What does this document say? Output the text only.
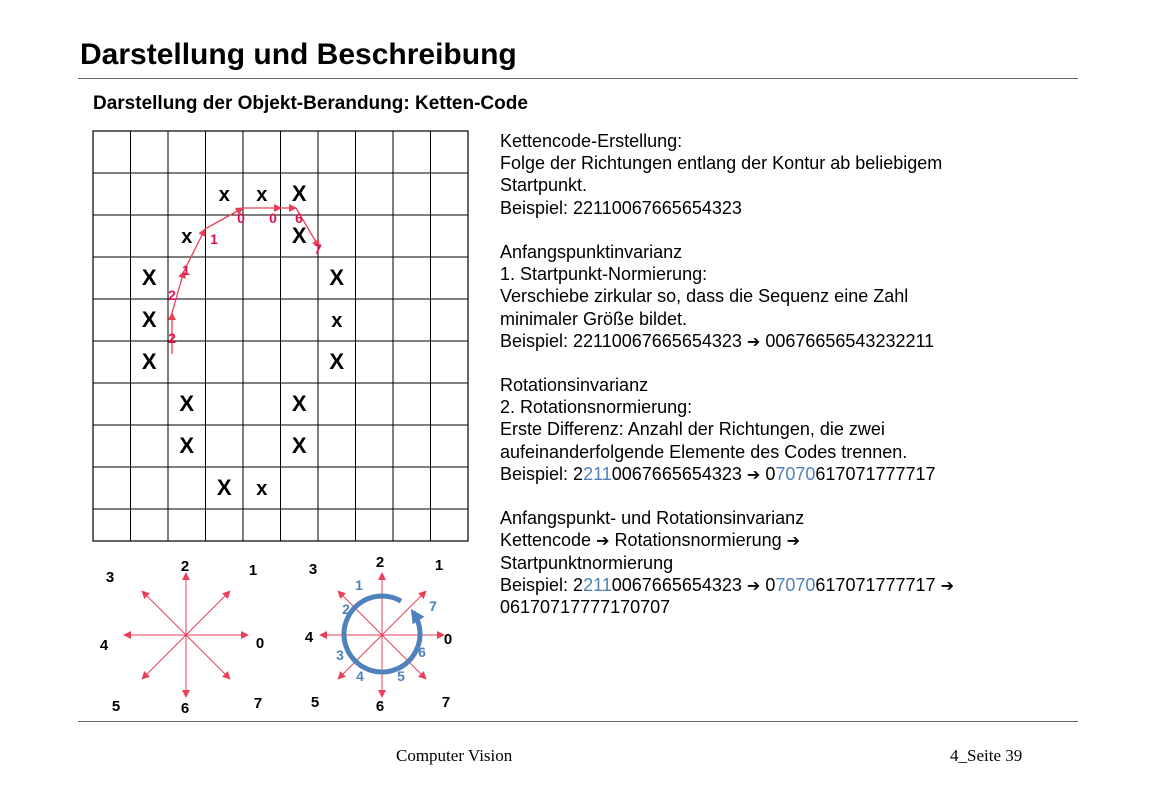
Darstellung und Beschreibung
Darstellung der Objekt-Berandung: Ketten-Code
x x X
x	X
X	X
X	x
X	X
X	X
X	X
X x
2
2
1
1
0 0 6
7
0
1
2
3
4
5	6	7
0
1
2
3
4
5	6	7
1
2
3
4 5
6
7
Kettencode-Erstellung:
Folge der Richtungen entlang der Kontur ab beliebigem
Startpunkt.
Beispiel: 22110067665654323
Anfangspunktinvarianz
1. Startpunkt-Normierung:
Verschiebe zirkular so, dass die Sequenz eine Zahl
minimaler Größe bildet.
Beispiel: 22110067665654323 ➔ 00676656543232211
Rotationsinvarianz
2. Rotationsnormierung:
Erste Differenz: Anzahl der Richtungen, die zwei
aufeinanderfolgende Elemente des Codes trennen.
Beispiel: 22110067665654323 ➔ 07070617071777717
Anfangspunkt- und Rotationsinvarianz
Kettencode ➔ Rotationsnormierung ➔
Startpunktnormierung
Beispiel: 22110067665654323 ➔ 07070617071777717 ➔
06170717777170707
Computer Vision	4_Seite 39
